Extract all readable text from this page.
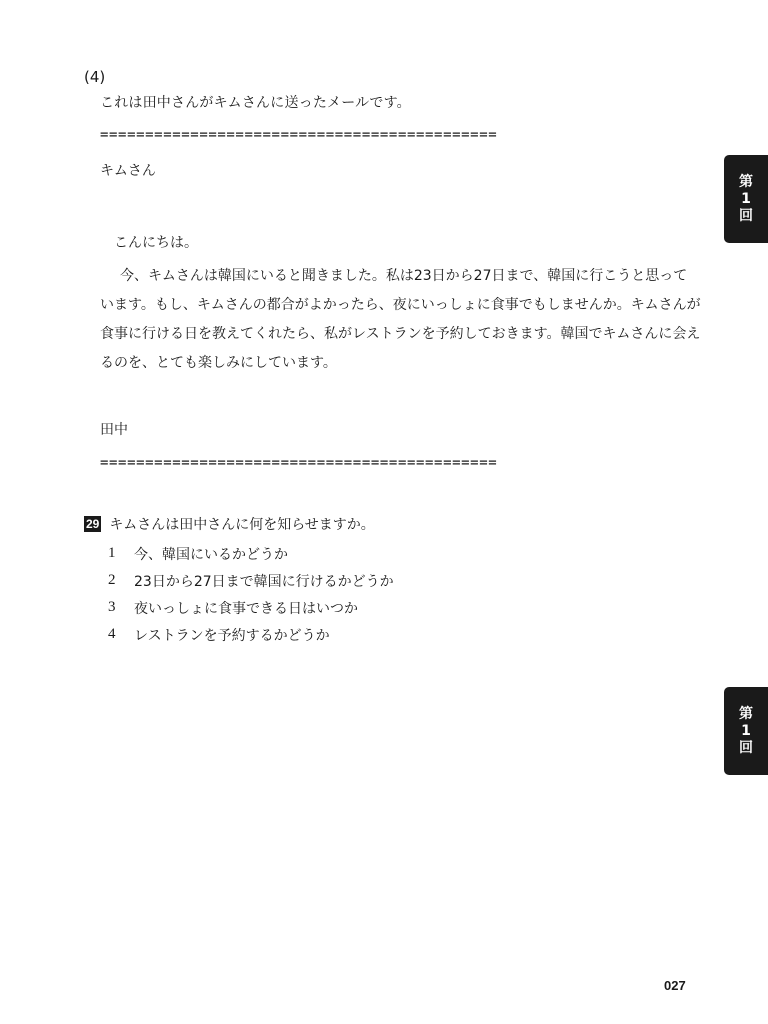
(4)
これは田中さんがキムさんに送ったメールです。
============================================
キムさん
こんにちは。
今、キムさんは韓国にいると聞きました。私は23日から27日まで、韓国に行こうと思って
います。もし、キムさんの都合がよかったら、夜にいっしょに食事でもしませんか。キムさんが
食事に行ける日を教えてくれたら、私がレストランを予約しておきます。韓国でキムさんに会え
るのを、とても楽しみにしています。
田中
============================================
29 キムさんは田中さんに何を知らせますか。
1	今、韓国にいるかどうか
2	23日から27日まで韓国に行けるかどうか
3	夜いっしょに食事できる日はいつか
4	レストランを予約するかどうか
第
1
回
第
1
回
027
